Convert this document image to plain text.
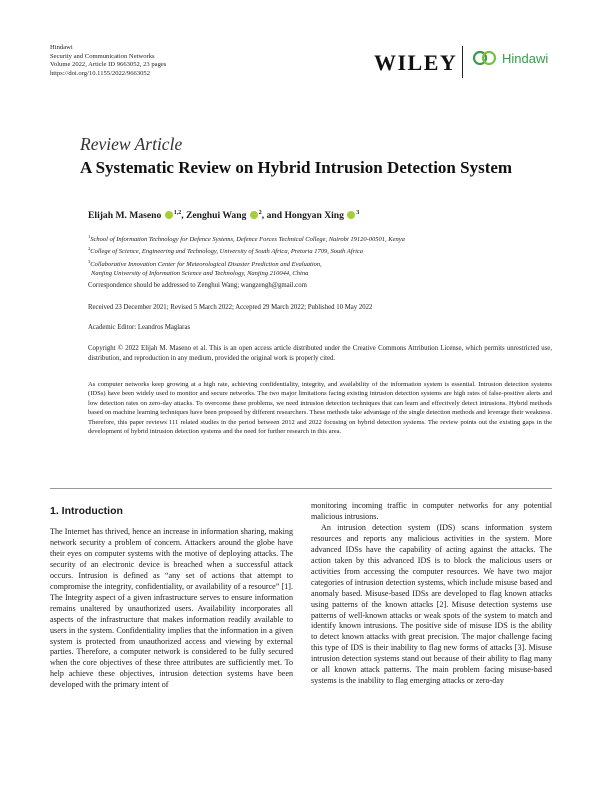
Hindawi
Security and Communication Networks
Volume 2022, Article ID 9663052, 23 pages
https://doi.org/10.1155/2022/9663052	WILEY	Hindawi
Review Article
A Systematic Review on Hybrid Intrusion Detection System
Elijah M. Maseno $^{1,2}$, Zenghui Wang $^2$, and Hongyan Xing $^3$
$^1$School of Information Technology for Defence Systems, Defence Forces Technical College, Nairobi 19120-00501, Kenya
$^2$College of Science, Engineering and Technology, University of South Africa, Pretoria 1709, South Africa
$^3$Collaborative Innovation Center for Meteorological Disaster Prediction and Evaluation,
Nanjing University of Information Science and Technology, Nanjing 210044, China
Correspondence should be addressed to Zenghui Wang; wangzengh@gmail.com
Received 23 December 2021; Revised 5 March 2022; Accepted 29 March 2022; Published 10 May 2022
Academic Editor: Leandros Maglaras
Copyright © 2022 Elijah M. Maseno et al. This is an open access article distributed under the Creative Commons Attribution License, which permits unrestricted use, distribution, and reproduction in any medium, provided the original work is properly cited.
As computer networks keep growing at a high rate, achieving confidentiality, integrity, and availability of the information system is essential. Intrusion detection systems (IDSs) have been widely used to monitor and secure networks. The two major limitations facing existing intrusion detection systems are high rates of false-positive alerts and low detection rates on zero-day attacks. To overcome these problems, we need intrusion detection techniques that can learn and effectively detect intrusions. Hybrid methods based on machine learning techniques have been proposed by different researchers. These methods take advantage of the single detection methods and leverage their weakness. Therefore, this paper reviews 111 related studies in the period between 2012 and 2022 focusing on hybrid detection systems. The review points out the existing gaps in the development of hybrid intrusion detection systems and the need for further research in this area.
1. Introduction

The Internet has thrived, hence an increase in information sharing, making network security a problem of concern. Attackers around the globe have their eyes on computer systems with the motive of deploying attacks. The security of an electronic device is breached when a successful attack occurs. Intrusion is defined as “any set of actions that attempt to compromise the integrity, confidentiality, or availability of a resource” [1]. The Integrity aspect of a given infrastructure serves to ensure information remains unaltered by unauthorized users. Availability incorporates all aspects of the infrastructure that makes information readily available to users in the system. Confidentiality implies that the information in a given system is protected from unauthorized access and viewing by external parties. Therefore, a computer network is considered to be fully secured when the core objectives of these three attributes are sufficiently met. To help achieve these objectives, intrusion detection systems have been developed with the primary intent of

monitoring incoming traffic in computer networks for any potential malicious intrusions.

An intrusion detection system (IDS) scans information system resources and reports any malicious activities in the system. More advanced IDSs have the capability of acting against the attacks. The action taken by this advanced IDS is to block the malicious users or activities from accessing the computer resources. We have two major categories of intrusion detection systems, which include misuse based and anomaly based. Misuse-based IDSs are developed to flag known attacks using patterns of the known attacks [2]. Misuse detection systems use patterns of well-known attacks or weak spots of the system to match and identify known intrusions. The positive side of misuse IDS is the ability to detect known attacks with great precision. The major challenge facing this type of IDS is their inability to flag new forms of attacks [3]. Misuse intrusion detection systems stand out because of their ability to flag many or all known attack patterns. The main problem facing misuse-based systems is the inability to flag emerging attacks or zero-day
